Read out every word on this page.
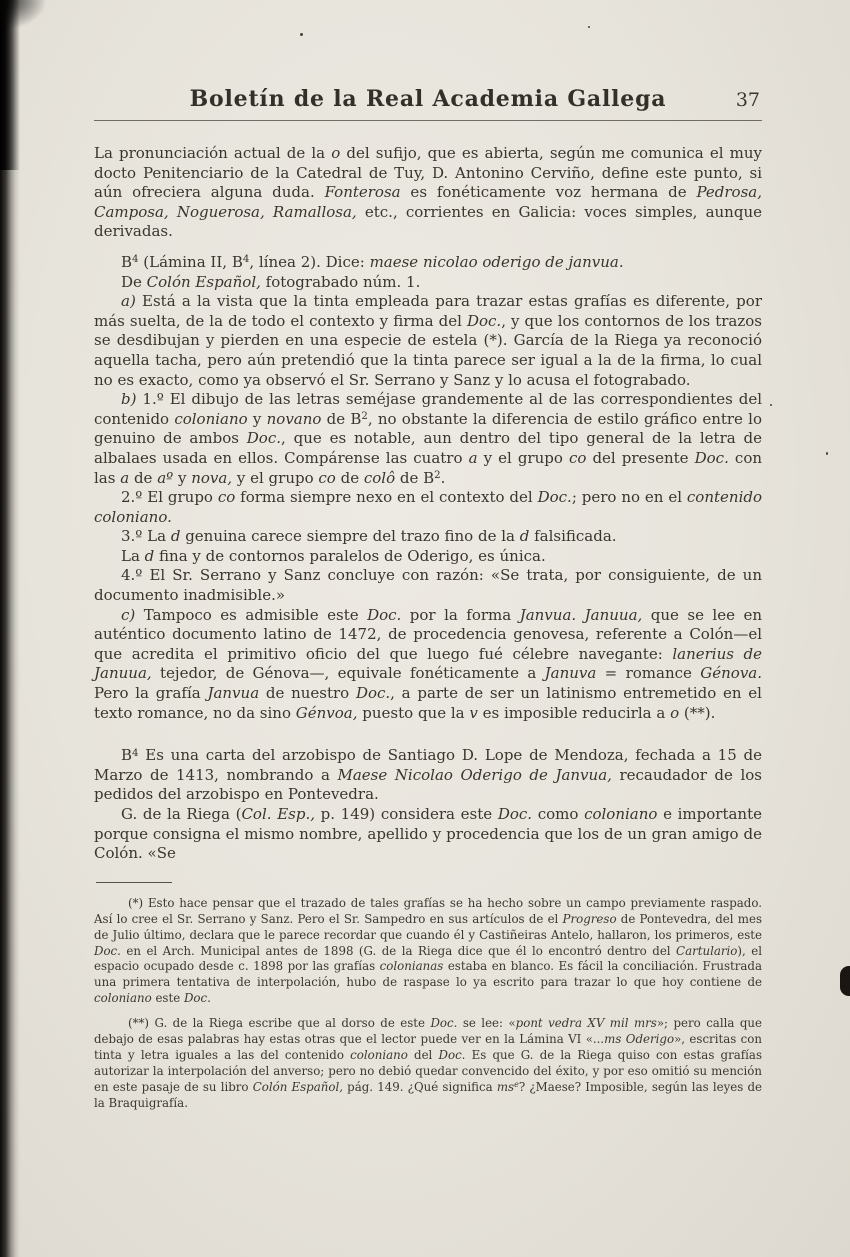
Boletín de la Real Academia Gallega	37

La pronunciación actual de la o del sufijo, que es abierta, según me comunica el muy docto Penitenciario de la Catedral de Tuy, D. Antonino Cerviño, define este punto, si aún ofreciera alguna duda. Fonterosa es fonéticamente voz hermana de Pedrosa, Camposa, Noguerosa, Ramallosa, etc., corrientes en Galicia: voces simples, aunque derivadas.

$B^4$ (Lámina II, $B^4$, línea 2). Dice: maese nicolao oderigo de janvua.

De Colón Español, fotograbado núm. 1.

a) Está a la vista que la tinta empleada para trazar estas grafías es diferente, por más suelta, de la de todo el contexto y firma del Doc., y que los contornos de los trazos se desdibujan y pierden en una especie de estela (*). García de la Riega ya reconoció aquella tacha, pero aún pretendió que la tinta parece ser igual a la de la firma, lo cual no es exacto, como ya observó el Sr. Serrano y Sanz y lo acusa el fotograbado.

b) 1.º El dibujo de las letras seméjase grandemente al de las correspondientes del contenido coloniano y novano de $B^2$, no obstante la diferencia de estilo gráfico entre lo genuino de ambos Doc., que es notable, aun dentro del tipo general de la letra de albalaes usada en ellos. Compárense las cuatro a y el grupo co del presente Doc. con las a de aº y nova, y el grupo co de colô de $B^2$.

2.º El grupo co forma siempre nexo en el contexto del Doc.; pero no en el contenido coloniano.

3.º La d genuina carece siempre del trazo fino de la d falsificada.

La d fina y de contornos paralelos de Oderigo, es única.

4.º El Sr. Serrano y Sanz concluye con razón: «Se trata, por consiguiente, de un documento inadmisible.»

c) Tampoco es admisible este Doc. por la forma Janvua. Januua, que se lee en auténtico documento latino de 1472, de procedencia genovesa, referente a Colón—el que acredita el primitivo oficio del que luego fué célebre navegante: lanerius de Januua, tejedor, de Génova—, equivale fonéticamente a Januva = romance Génova. Pero la grafía Janvua de nuestro Doc., a parte de ser un latinismo entremetido en el texto romance, no da sino Génvoa, puesto que la v es imposible reducirla a o (**).

$B^4$ Es una carta del arzobispo de Santiago D. Lope de Mendoza, fechada a 15 de Marzo de 1413, nombrando a Maese Nicolao Oderigo de Janvua, recaudador de los pedidos del arzobispo en Pontevedra.

G. de la Riega (Col. Esp., p. 149) considera este Doc. como coloniano e importante porque consigna el mismo nombre, apellido y procedencia que los de un gran amigo de Colón. «Se

(*) Esto hace pensar que el trazado de tales grafías se ha hecho sobre un campo previamente raspado. Así lo cree el Sr. Serrano y Sanz. Pero el Sr. Sampedro en sus artículos de el Progreso de Pontevedra, del mes de Julio último, declara que le parece recordar que cuando él y Castiñeiras Antelo, hallaron, los primeros, este Doc. en el Arch. Municipal antes de 1898 (G. de la Riega dice que él lo encontró dentro del Cartulario), el espacio ocupado desde c. 1898 por las grafías colonianas estaba en blanco. Es fácil la conciliación. Frustrada una primera tentativa de interpolación, hubo de raspase lo ya escrito para trazar lo que hoy contiene de coloniano este Doc.

(**) G. de la Riega escribe que al dorso de este Doc. se lee: «pont vedra XV mil mrs»; pero calla que debajo de esas palabras hay estas otras que el lector puede ver en la Lámina VI «...ms Oderigo», escritas con tinta y letra iguales a las del contenido coloniano del Doc. Es que G. de la Riega quiso con estas grafías autorizar la interpolación del anverso; pero no debió quedar convencido del éxito, y por eso omitió su mención en este pasaje de su libro Colón Español, pág. 149. ¿Qué significa $ms^e$? ¿Maese? Imposible, según las leyes de la Braquigrafía.
